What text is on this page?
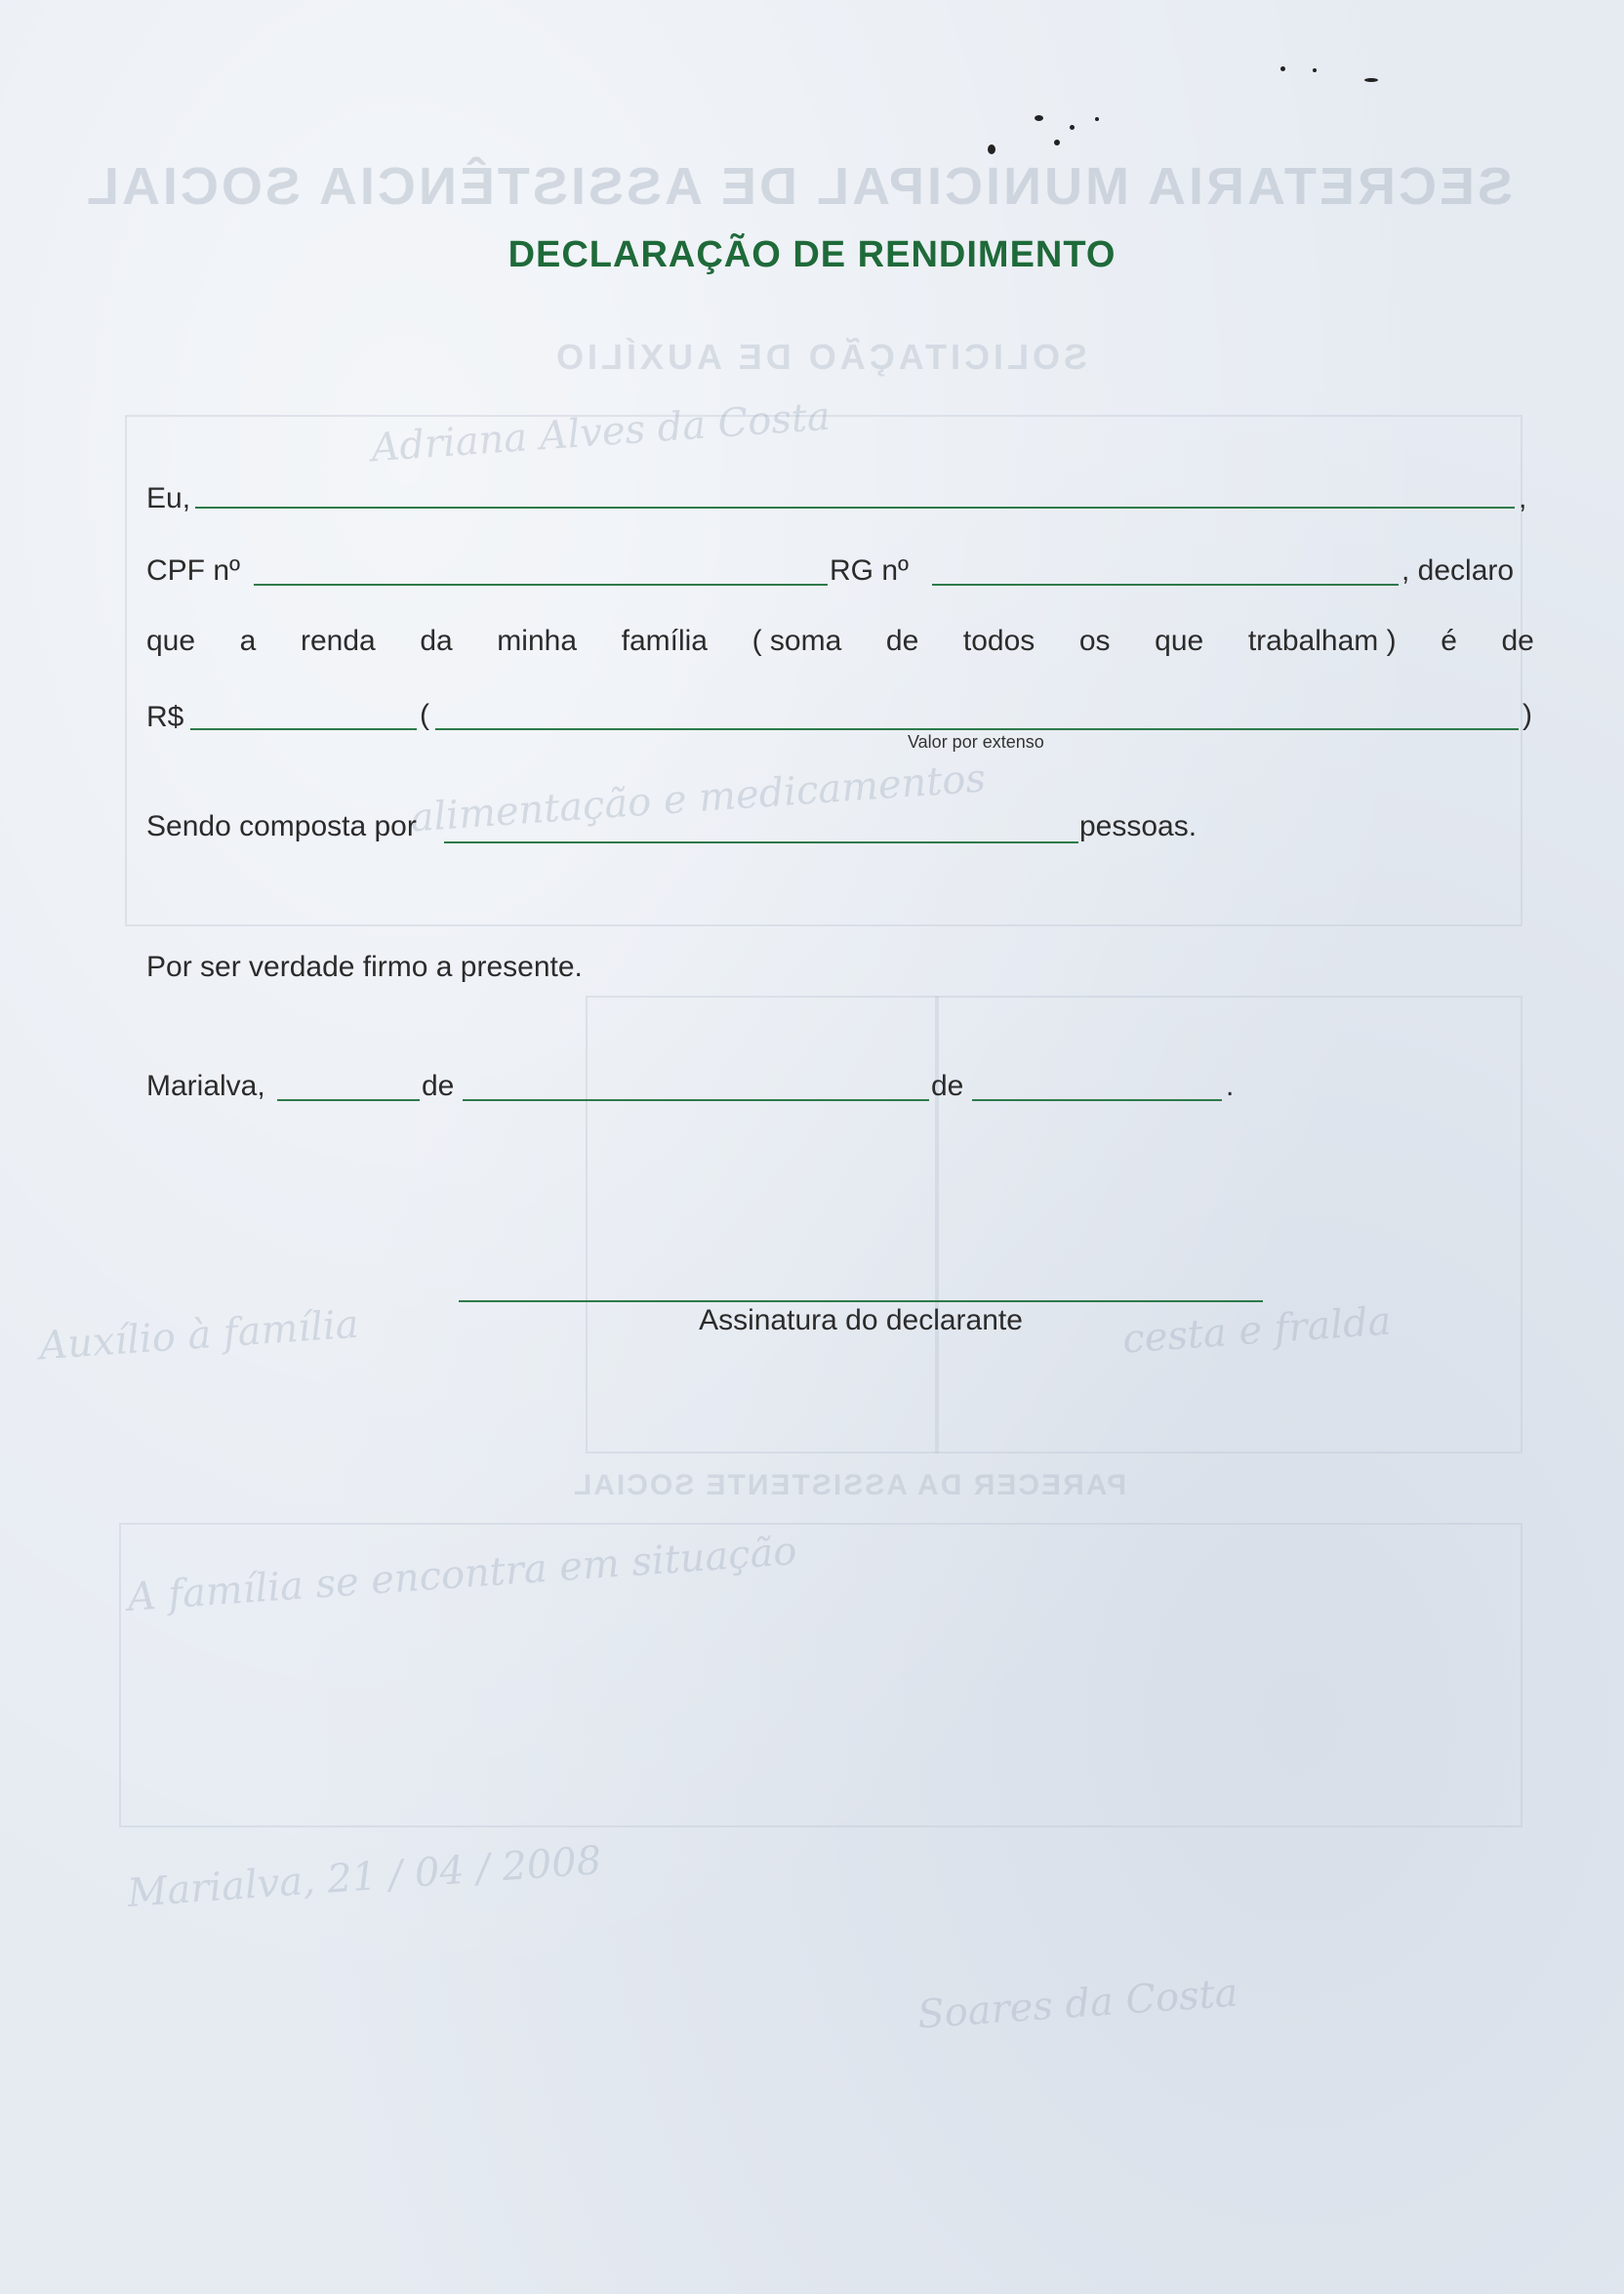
SECRETARIA MUNICIPAL DE ASSISTÊNCIA SOCIAL
SOLICITAÇÃO DE AUXÍLIO
PARECER DA ASSISTENTE SOCIAL
Adriana Alves da Costa
alimentação e medicamentos
Auxílio à família	cesta e fralda
A família se encontra em situação
Marialva, 21 / 04 / 2008
Soares da Costa
DECLARAÇÃO DE RENDIMENTO
Eu,	,
CPF nº	RG nº	, declaro
que a renda da minha família ( soma de todos os que trabalham ) é de
R$	(	)
Valor por extenso
Sendo composta por	pessoas.
Por ser verdade firmo a presente.
Marialva,	de	de	.
Assinatura do declarante
